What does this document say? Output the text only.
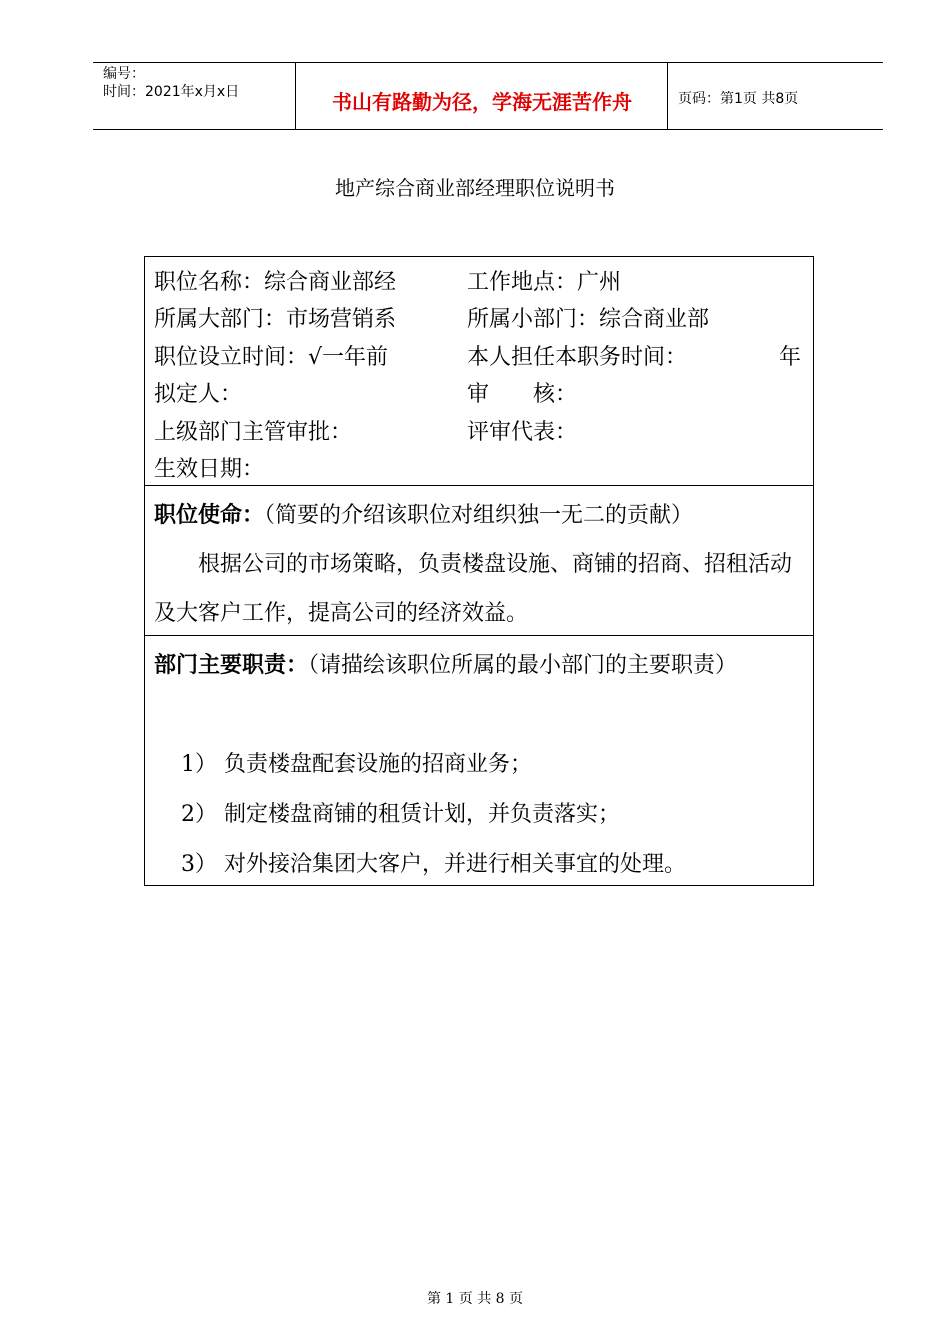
编号：
时间：2021年x月x日	书山有路勤为径，学海无涯苦作舟	页码：第1页 共8页
地产综合商业部经理职位说明书
职位名称：综合商业部经	工作地点：广州
所属大部门：市场营销系	所属小部门：综合商业部
职位设立时间：√一年前	本人担任本职务时间：	年
拟定人：	审　　核：
上级部门主管审批：	评审代表：
生效日期：
职位使命：（简要的介绍该职位对组织独一无二的贡献）
根据公司的市场策略，负责楼盘设施、商铺的招商、招租活动及大客户工作，提高公司的经济效益。
部门主要职责：（请描绘该职位所属的最小部门的主要职责）
1） 负责楼盘配套设施的招商业务；
2） 制定楼盘商铺的租赁计划，并负责落实；
3） 对外接洽集团大客户，并进行相关事宜的处理。
第 1 页 共 8 页
